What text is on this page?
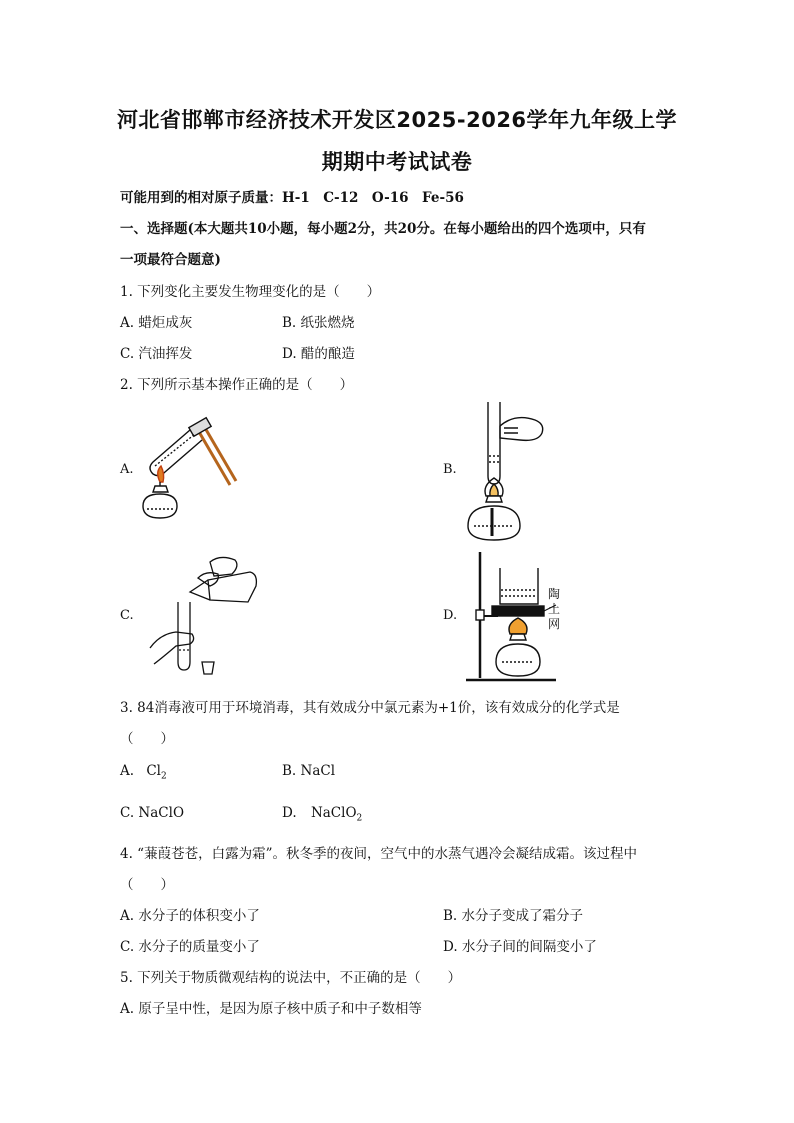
河北省邯郸市经济技术开发区2025-2026学年九年级上学
期期中考试试卷
可能用到的相对原子质量：H-1　C-12　O-16　Fe-56
一、选择题(本大题共10小题，每小题2分，共20分。在每小题给出的四个选项中，只有
一项最符合题意)
1. 下列变化主要发生物理变化的是（　　）
A. 蜡炬成灰	B. 纸张燃烧
C. 汽油挥发	D. 醋的酿造
2. 下列所示基本操作正确的是（　　）
A.	B.
C.	D.
陶
土
网
3. 84消毒液可用于环境消毒，其有效成分中氯元素为+1价，该有效成分的化学式是
（　　）
A. $Cl_2$	B. NaCl
C. NaClO	D. NaClO$_2$
4. “蒹葭苍苍，白露为霜”。秋冬季的夜间，空气中的水蒸气遇冷会凝结成霜。该过程中
（　　）
A. 水分子的体积变小了	B. 水分子变成了霜分子
C. 水分子的质量变小了	D. 水分子间的间隔变小了
5. 下列关于物质微观结构的说法中，不正确的是（　　）
A. 原子呈中性，是因为原子核中质子和中子数相等
